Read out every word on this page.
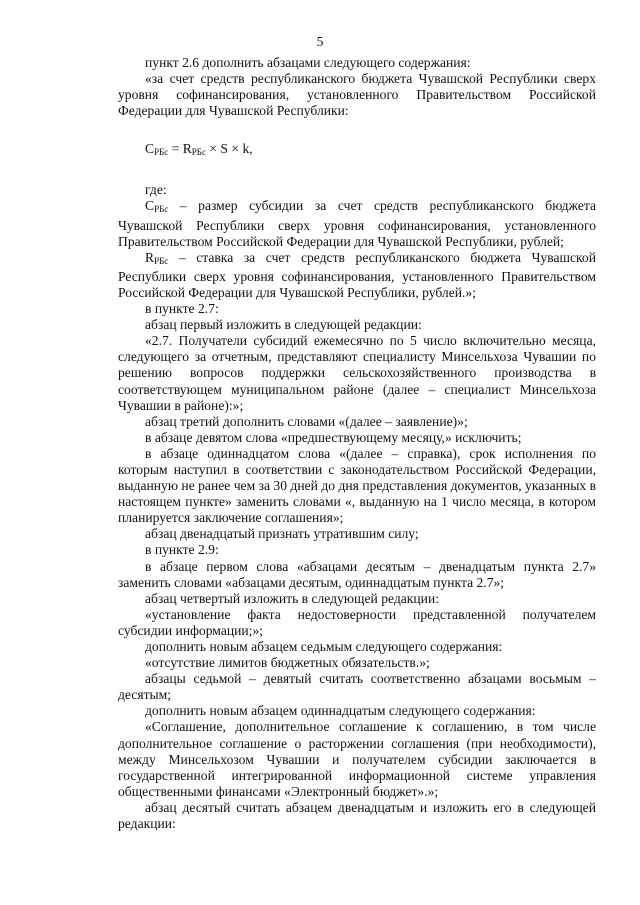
5

пункт 2.6 дополнить абзацами следующего содержания:

«за счет средств республиканского бюджета Чувашской Республики сверх уровня софинансирования, установленного Правительством Российской Федерации для Чувашской Республики:

$C_{РБс} = R_{РБс} \times S \times k$,

где:

$C_{РБс}$ – размер субсидии за счет средств республиканского бюджета Чувашской Республики сверх уровня софинансирования, установленного Правительством Российской Федерации для Чувашской Республики, рублей;

$R_{РБс}$ – ставка за счет средств республиканского бюджета Чувашской Республики сверх уровня софинансирования, установленного Правительством Российской Федерации для Чувашской Республики, рублей.»;

в пункте 2.7:

абзац первый изложить в следующей редакции:

«2.7. Получатели субсидий ежемесячно по 5 число включительно месяца, следующего за отчетным, представляют специалисту Минсельхоза Чувашии по решению вопросов поддержки сельскохозяйственного производства в соответствующем муниципальном районе (далее – специалист Минсельхоза Чувашии в районе):»;

абзац третий дополнить словами «(далее – заявление)»;

в абзаце девятом слова «предшествующему месяцу,» исключить;

в абзаце одиннадцатом слова «(далее – справка), срок исполнения по которым наступил в соответствии с законодательством Российской Федерации, выданную не ранее чем за 30 дней до дня представления документов, указанных в настоящем пункте» заменить словами «, выданную на 1 число месяца, в котором планируется заключение соглашения»;

абзац двенадцатый признать утратившим силу;

в пункте 2.9:

в абзаце первом слова «абзацами десятым – двенадцатым пункта 2.7» заменить словами «абзацами десятым, одиннадцатым пункта 2.7»;

абзац четвертый изложить в следующей редакции:

«установление факта недостоверности представленной получателем субсидии информации;»;

дополнить новым абзацем седьмым следующего содержания:

«отсутствие лимитов бюджетных обязательств.»;

абзацы седьмой – девятый считать соответственно абзацами восьмым – десятым;

дополнить новым абзацем одиннадцатым следующего содержания:

«Соглашение, дополнительное соглашение к соглашению, в том числе дополнительное соглашение о расторжении соглашения (при необходимости), между Минсельхозом Чувашии и получателем субсидии заключается в государственной интегрированной информационной системе управления общественными финансами «Электронный бюджет».»;

абзац десятый считать абзацем двенадцатым и изложить его в следующей редакции:
